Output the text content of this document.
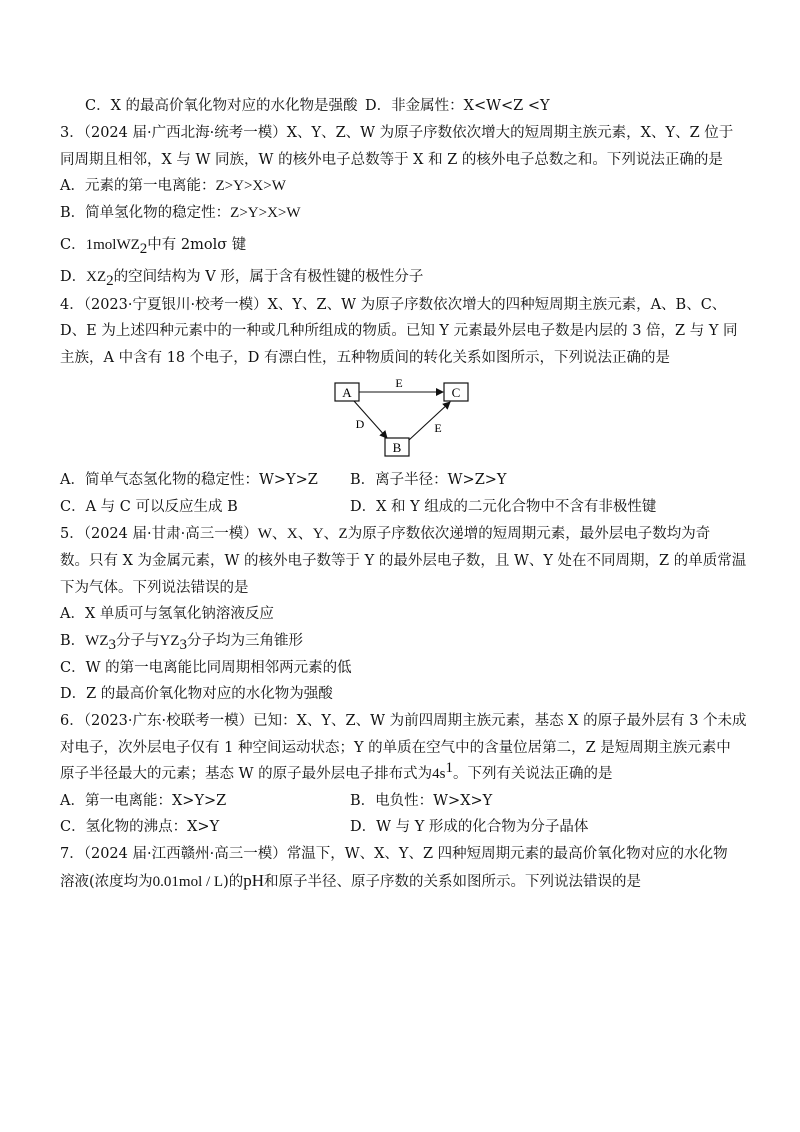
C．X 的最高价氧化物对应的水化物是强酸 D．非金属性：X<W<Z <Y
3．（2024 届·广西北海·统考一模）X、Y、Z、W 为原子序数依次增大的短周期主族元素，X、Y、Z 位于
同周期且相邻，X 与 W 同族，W 的核外电子总数等于 X 和 Z 的核外电子总数之和。下列说法正确的是
A．元素的第一电离能：Z>Y>X>W
B．简单氢化物的稳定性：Z>Y>X>W
C．1molWZ$_2$中有 2molσ 键
D．$XZ_2$的空间结构为 V 形，属于含有极性键的极性分子
4．（2023·宁夏银川·校考一模）X、Y、Z、W 为原子序数依次增大的四种短周期主族元素，A、B、C、
D、E 为上述四种元素中的一种或几种所组成的物质。已知 Y 元素最外层电子数是内层的 3 倍，Z 与 Y 同
主族，A 中含有 18 个电子，D 有漂白性，五种物质间的转化关系如图所示，下列说法正确的是
A	C
B
E
D	E
A．简单气态氢化物的稳定性：W>Y>Z	B．离子半径：W>Z>Y
C．A 与 C 可以反应生成 B	D．X 和 Y 组成的二元化合物中不含有非极性键
5．（2024 届·甘肃·高三一模）W、X、Y、Z为原子序数依次递增的短周期元素，最外层电子数均为奇
数。只有 X 为金属元素，W 的核外电子数等于 Y 的最外层电子数，且 W、Y 处在不同周期，Z 的单质常温
下为气体。下列说法错误的是
A．X 单质可与氢氧化钠溶液反应
B．$WZ_3$分子与$YZ_3$分子均为三角锥形
C．W 的第一电离能比同周期相邻两元素的低
D．Z 的最高价氧化物对应的水化物为强酸
6．（2023·广东·校联考一模）已知：X、Y、Z、W 为前四周期主族元素，基态 X 的原子最外层有 3 个未成
对电子，次外层电子仅有 1 种空间运动状态；Y 的单质在空气中的含量位居第二，Z 是短周期主族元素中
原子半径最大的元素；基态 W 的原子最外层电子排布式为$4s^1$。下列有关说法正确的是
A．第一电离能：X>Y>Z	B．电负性：W>X>Y
C．氢化物的沸点：X>Y	D．W 与 Y 形成的化合物为分子晶体
7．（2024 届·江西赣州·高三一模）常温下，W、X、Y、Z 四种短周期元素的最高价氧化物对应的水化物
溶液(浓度均为0.01mol / L)的pH和原子半径、原子序数的关系如图所示。下列说法错误的是
